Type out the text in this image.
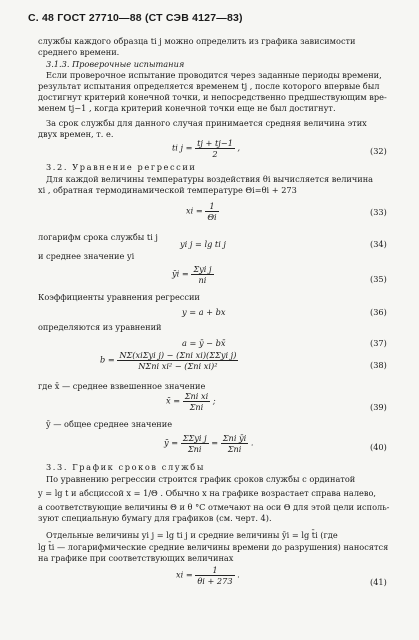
С. 48 ГОСТ 27710—88 (СТ СЭВ 4127—83)
службы каждого образца ti j можно определить из графика зависимости
среднего времени.
3.1.3. Проверочные испытания
Если проверочное испытание проводится через заданные периоды времени,
результат испытания определяется временем tj , после которого впервые был
достигнут критерий конечной точки, и непосредственно предшествующим вре-
менем tj−1 , когда критерий конечной точки еще не был достигнут.
За срок службы для данного случая принимается средняя величина этих
двух времен, т. е.
ti $j = \frac{tj + tj-1}{2}$ ,	(32)
3.2. Уравнение регрессии
Для каждой величины температуры воздействия θi вычисляется величина
xi , обратная термодинамической температуре Θi=θi + 273
xi = $\frac{1}{\Theta i}$	(33)
логарифм срока службы ti j
yi j = lg ti j	(34)
и среднее значение yi
ȳi = Σyi j
ni	(35)
Коэффициенты уравнения регрессии
y = a + bx	(36)
определяются из уравнений
a = ȳ − bx̄	(37)
b = NΣ(xiΣyi j) − (Σni xi)(ΣΣyi j)
NΣni xi² − (Σni xi)²	(38)
где x̄ — среднее взвешенное значение
x̄ = Σni xi
Σni
;
(39)
ȳ — общее среднее значение
ȳ = ΣΣyi j
Σni
= Σni ȳi
Σni
.	(40)
3.3. График сроков службы
По уравнению регрессии строится график сроков службы с ординатой
y = lg t и абсциссой x = 1/Θ . Обычно x на графике возрастает справа налево,
а соответствующие величины Θ и θ °С отмечают на оси Θ для этой цели исполь-
зуют специальную бумагу для графиков (см. черт. 4).
Отдельные величины yi j = lg ti j и средние величины ȳi = lg t̄i (где
lg t̄i — логарифмические средние величины времени до разрушения) наносятся
на графике при соответствующих величинах
xi = $\frac{1}{\theta i + 273}$ .
(41)
